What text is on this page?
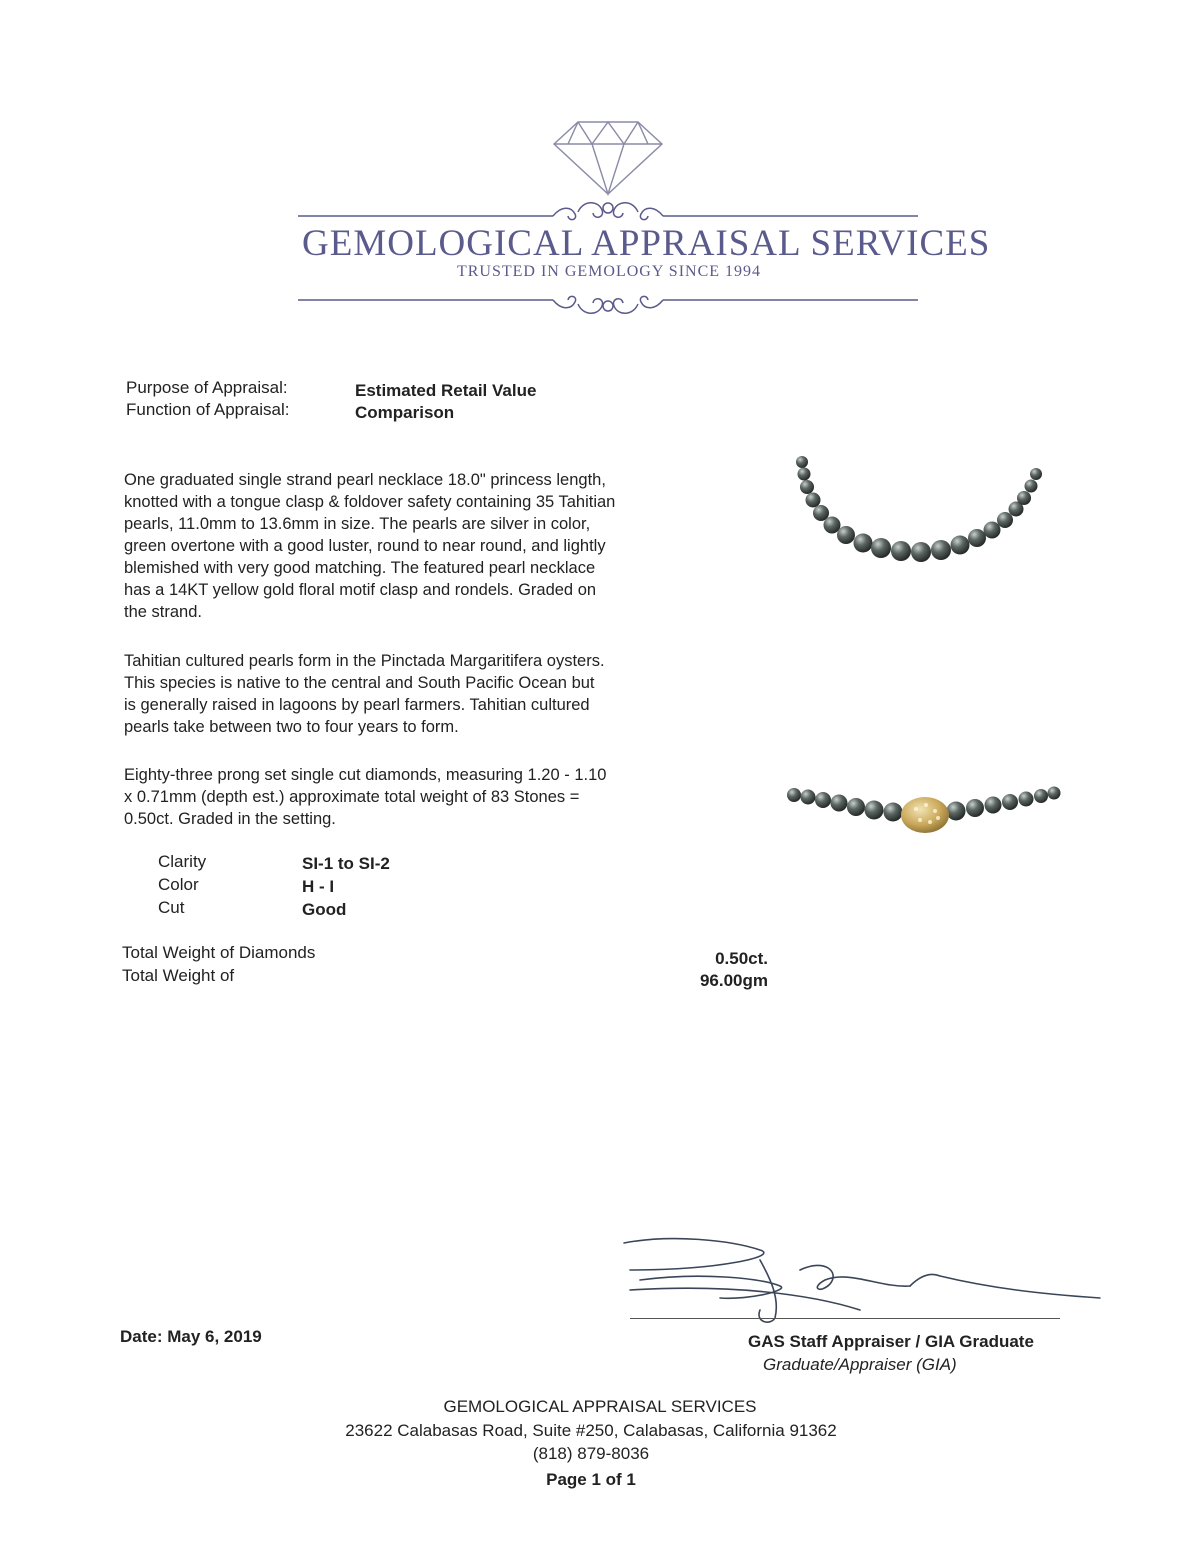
GEMOLOGICAL APPRAISAL SERVICES
TRUSTED IN GEMOLOGY SINCE 1994
Purpose of Appraisal:	Estimated Retail Value
Function of Appraisal:	Comparison
One graduated single strand pearl necklace 18.0" princess length,
knotted with a tongue clasp & foldover safety containing 35 Tahitian
pearls, 11.0mm to 13.6mm in size. The pearls are silver in color,
green overtone with a good luster, round to near round, and lightly
blemished with very good matching. The featured pearl necklace
has a 14KT yellow gold floral motif clasp and rondels. Graded on
the strand.
Tahitian cultured pearls form in the Pinctada Margaritifera oysters.
This species is native to the central and South Pacific Ocean but
is generally raised in lagoons by pearl farmers. Tahitian cultured
pearls take between two to four years to form.
Eighty-three prong set single cut diamonds, measuring 1.20 - 1.10
x 0.71mm (depth est.) approximate total weight of 83 Stones =
0.50ct. Graded in the setting.
Clarity	SI-1 to SI-2
Color	H - I
Cut	Good
Total Weight of Diamonds	0.50ct.
Total Weight of	96.00gm
Date: May 6, 2019	GAS Staff Appraiser / GIA Graduate
Graduate/Appraiser (GIA)
GEMOLOGICAL APPRAISAL SERVICES
23622 Calabasas Road, Suite #250, Calabasas, California 91362
(818) 879-8036
Page 1 of 1
